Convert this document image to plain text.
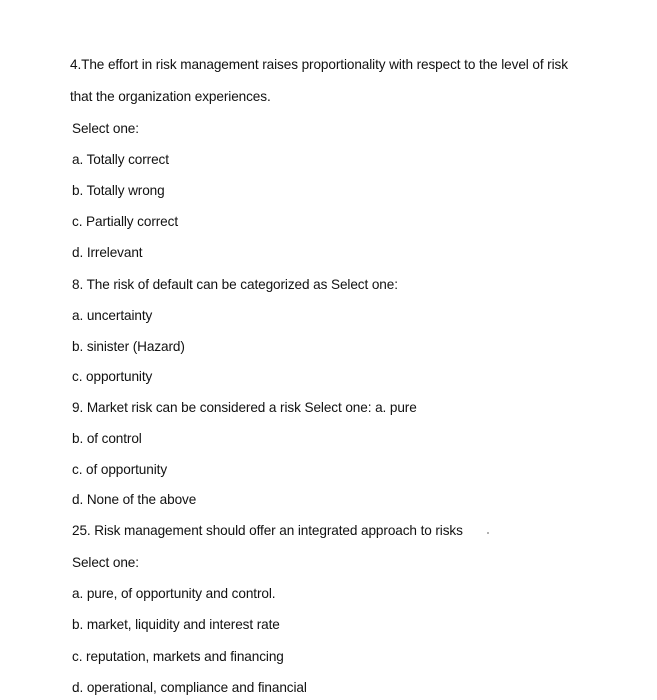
4.The effort in risk management raises proportionality with respect to the level of risk
that the organization experiences.
Select one:
a. Totally correct
b. Totally wrong
c. Partially correct
d. Irrelevant
8. The risk of default can be categorized as Select one:
a. uncertainty
b. sinister (Hazard)
c. opportunity
9. Market risk can be considered a risk Select one: a. pure
b. of control
c. of opportunity
d. None of the above
25. Risk management should offer an integrated approach to risks
Select one:
a. pure, of opportunity and control.
b. market, liquidity and interest rate
c. reputation, markets and financing
d. operational, compliance and financial
